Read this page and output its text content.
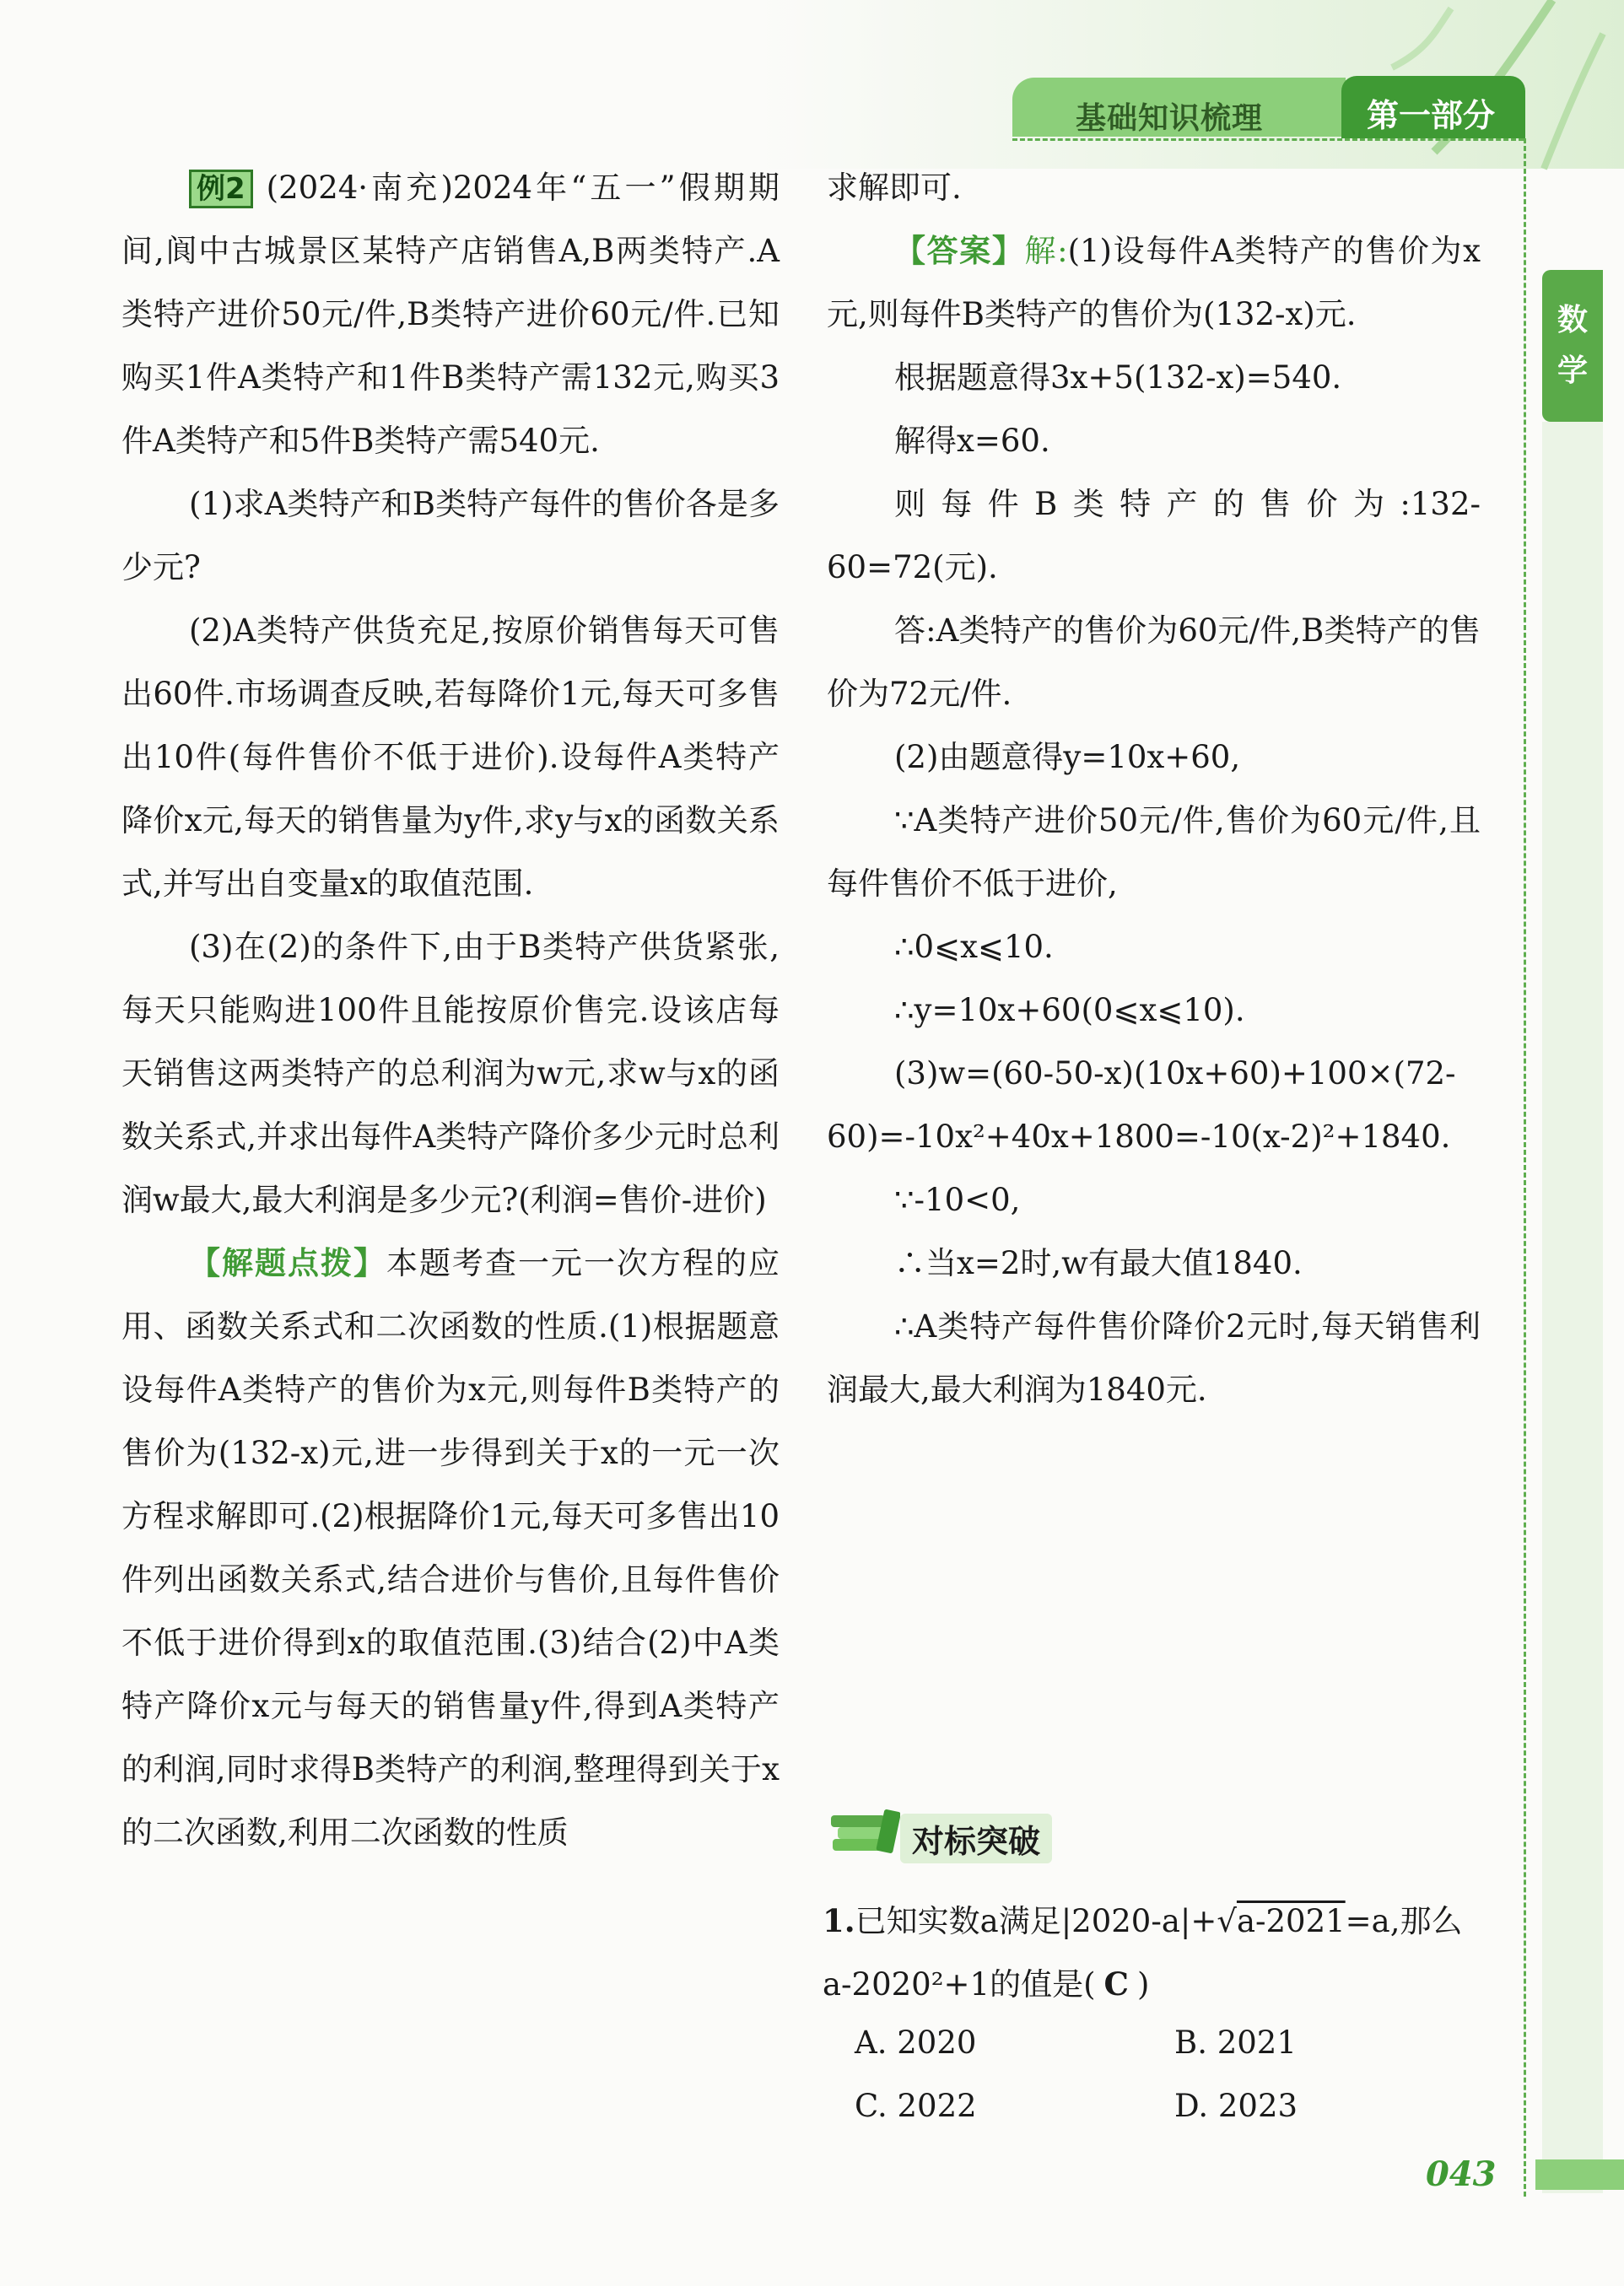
基础知识梳理	第一部分
数学

例2 (2024·南充)2024年“五一”假期期间,阆中古城景区某特产店销售A,B两类特产.A类特产进价50元/件,B类特产进价60元/件.已知购买1件A类特产和1件B类特产需132元,购买3件A类特产和5件B类特产需540元.

(1)求A类特产和B类特产每件的售价各是多少元?

(2)A类特产供货充足,按原价销售每天可售出60件.市场调查反映,若每降价1元,每天可多售出10件(每件售价不低于进价).设每件A类特产降价x元,每天的销售量为y件,求y与x的函数关系式,并写出自变量x的取值范围.

(3)在(2)的条件下,由于B类特产供货紧张,每天只能购进100件且能按原价售完.设该店每天销售这两类特产的总利润为w元,求w与x的函数关系式,并求出每件A类特产降价多少元时总利润w最大,最大利润是多少元?(利润=售价-进价)

【解题点拨】本题考查一元一次方程的应用、函数关系式和二次函数的性质.(1)根据题意设每件A类特产的售价为x元,则每件B类特产的售价为(132-x)元,进一步得到关于x的一元一次方程求解即可.(2)根据降价1元,每天可多售出10件列出函数关系式,结合进价与售价,且每件售价不低于进价得到x的取值范围.(3)结合(2)中A类特产降价x元与每天的销售量y件,得到A类特产的利润,同时求得B类特产的利润,整理得到关于x的二次函数,利用二次函数的性质

求解即可.

【答案】解:(1)设每件A类特产的售价为x元,则每件B类特产的售价为(132-x)元.

根据题意得3x+5(132-x)=540.

解得x=60.

则每件B类特产的售价为:132-60=72(元).

答:A类特产的售价为60元/件,B类特产的售价为72元/件.

(2)由题意得y=10x+60,

∵A类特产进价50元/件,售价为60元/件,且每件售价不低于进价,

∴0⩽x⩽10.

∴y=10x+60(0⩽x⩽10).

(3)w=(60-50-x)(10x+60)+100×(72-60)=-10x²+40x+1800=-10(x-2)²+1840.

∵-10<0,

∴当x=2时,w有最大值1840.

∴A类特产每件售价降价2元时,每天销售利润最大,最大利润为1840元.

对标突破
1.已知实数a满足|2020-a|+√a-2021=a,那么a-2020²+1的值是( C )
A. 2020	B. 2021
C. 2022	D. 2023
043
